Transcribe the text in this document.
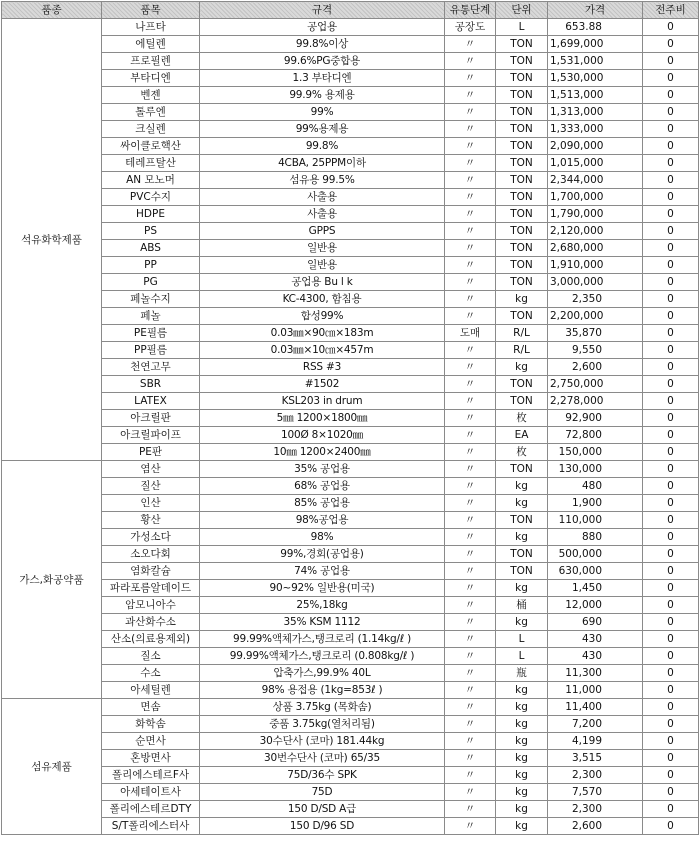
품종	품목	규격	유통단계	단위	가격	전주비
석유화학제품	나프타	공업용	공장도	L	653.88	0
	에틸렌	99.8%이상	〃	TON	1,699,000	0
	프로필렌	99.6%PG중합용	〃	TON	1,531,000	0
	부타디엔	1.3 부타디엔	〃	TON	1,530,000	0
	벤젠	99.9% 용제용	〃	TON	1,513,000	0
	톨루엔	99%	〃	TON	1,313,000	0
	크실렌	99%용제용	〃	TON	1,333,000	0
	싸이클로핵산	99.8%	〃	TON	2,090,000	0
	테레프탈산	4CBA, 25PPM이하	〃	TON	1,015,000	0
	AN 모노머	섬유용 99.5%	〃	TON	2,344,000	0
	PVC수지	사출용	〃	TON	1,700,000	0
	HDPE	사출용	〃	TON	1,790,000	0
	PS	GPPS	〃	TON	2,120,000	0
	ABS	일반용	〃	TON	2,680,000	0
	PP	일반용	〃	TON	1,910,000	0
	PG	공업용 Bu l k	〃	TON	3,000,000	0
	페놀수지	KC-4300, 함침용	〃	kg	2,350	0
	페놀	합성99%	〃	TON	2,200,000	0
	PE필름	0.03㎜×90㎝×183m	도매	R/L	35,870	0
	PP필름	0.03㎜×10㎝×457m	〃	R/L	9,550	0
	천연고무	RSS #3	〃	kg	2,600	0
	SBR	#1502	〃	TON	2,750,000	0
	LATEX	KSL203 in drum	〃	TON	2,278,000	0
	아크릴판	5㎜ 1200×1800㎜	〃	枚	92,900	0
	아크릴파이프	100Ø 8×1020㎜	〃	EA	72,800	0
	PE판	10㎜ 1200×2400㎜	〃	枚	150,000	0
가스,화공약품	염산	35% 공업용	〃	TON	130,000	0
	질산	68% 공업용	〃	kg	480	0
	인산	85% 공업용	〃	kg	1,900	0
	황산	98%공업용	〃	TON	110,000	0
	가성소다	98%	〃	kg	880	0
	소오다회	99%,경회(공업용)	〃	TON	500,000	0
	염화칼슘	74% 공업용	〃	TON	630,000	0
	파라포름알데이드	90~92% 일반용(미국)	〃	kg	1,450	0
	암모니아수	25%,18kg	〃	桶	12,000	0
	과산화수소	35% KSM 1112	〃	kg	690	0
	산소(의료용제외)	99.99%액체가스,탱크로리 (1.14kg/ℓ )	〃	L	430	0
	질소	99.99%액체가스,탱크로리 (0.808kg/ℓ )	〃	L	430	0
	수소	압축가스,99.9% 40L	〃	瓶	11,300	0
	아세틸렌	98% 용접용 (1kg=853ℓ )	〃	kg	11,000	0
섬유제품	면솜	상품 3.75kg (목화솜)	〃	kg	11,400	0
	화학솜	중품 3.75kg(열처리됨)	〃	kg	7,200	0
	순면사	30수단사 (코마) 181.44kg	〃	kg	4,199	0
	혼방면사	30번수단사 (코마) 65/35	〃	kg	3,515	0
	폴리에스테르F사	75D/36수 SPK	〃	kg	2,300	0
	아세테이트사	75D	〃	kg	7,570	0
	폴리에스테르DTY	150 D/SD A급	〃	kg	2,300	0
	S/T폴리에스터사	150 D/96 SD	〃	kg	2,600	0
